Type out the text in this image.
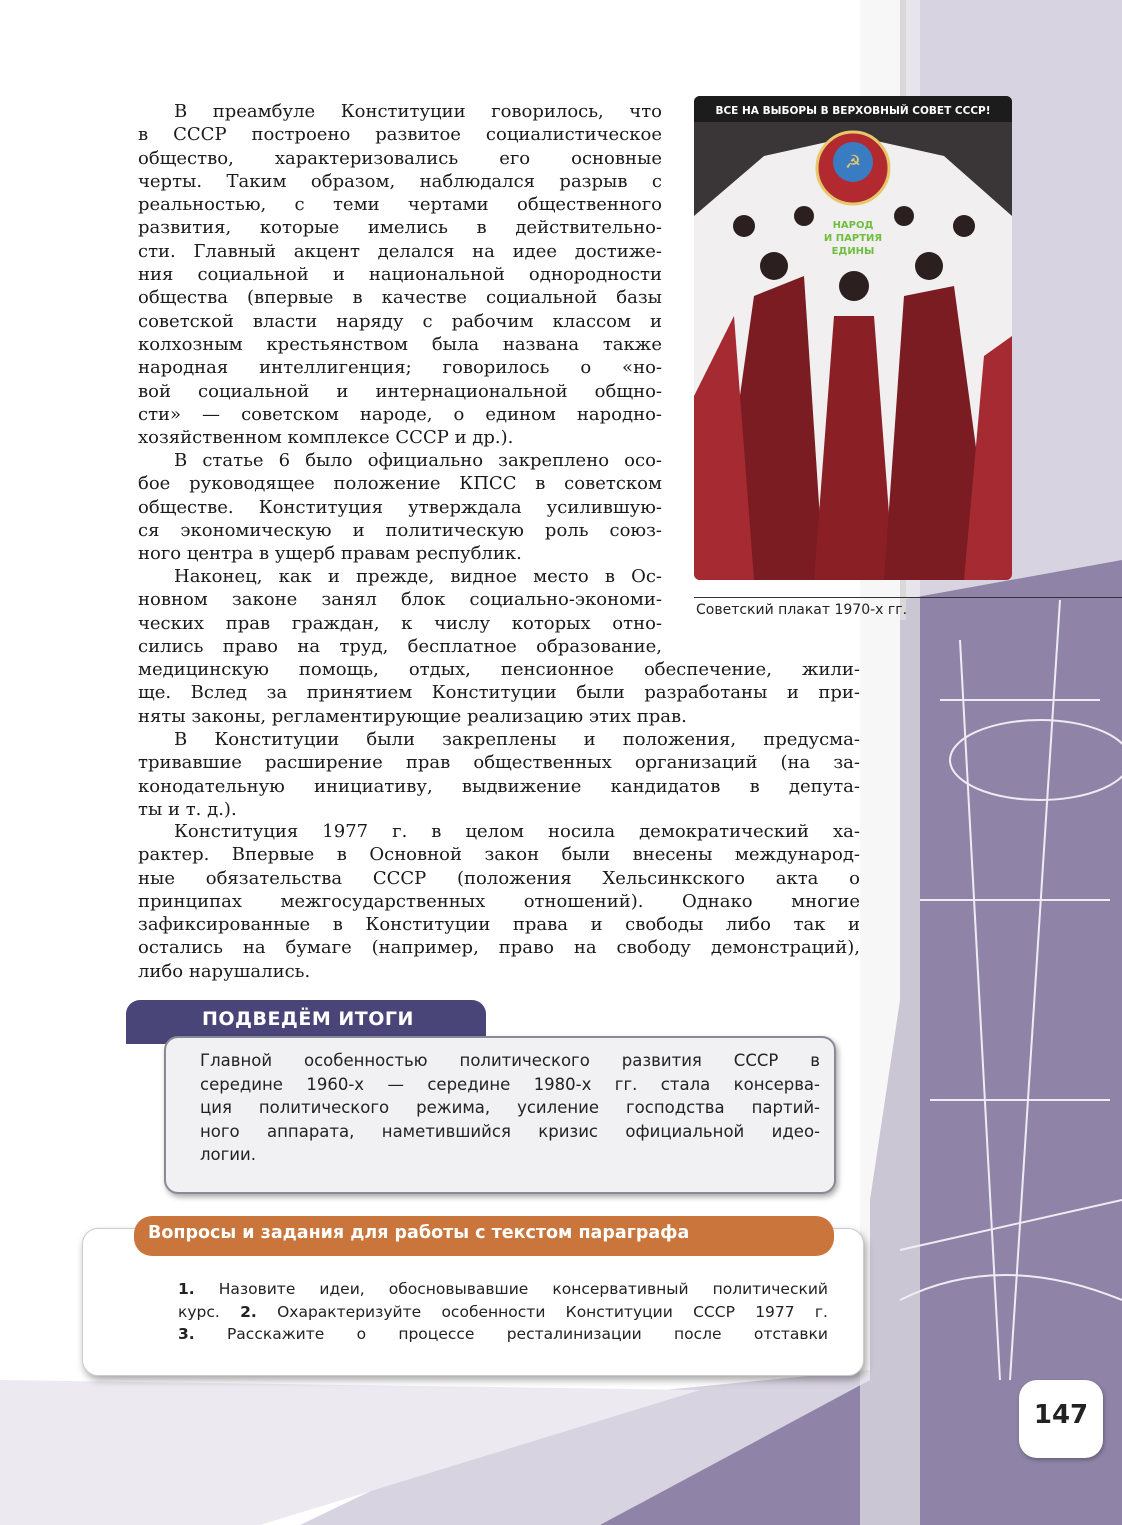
В преамбуле Конституции говорилось, что
в СССР построено развитое социалистическое
общество, характеризовались его основные
черты. Таким образом, наблюдался разрыв с
реальностью, с теми чертами общественного
развития, которые имелись в действительно-
сти. Главный акцент делался на идее достиже-
ния социальной и национальной однородности
общества (впервые в качестве социальной базы
советской власти наряду с рабочим классом и
колхозным крестьянством была названа также
народная интеллигенция; говорилось о «но-
вой социальной и интернациональной общно-
сти» — советском народе, о едином народно-
хозяйственном комплексе СССР и др.).
В статье 6 было официально закреплено осо-
бое руководящее положение КПСС в советском
обществе. Конституция утверждала усилившую-
ся экономическую и политическую роль союз-
ного центра в ущерб правам республик.
Наконец, как и прежде, видное место в Ос-
новном законе занял блок социально-экономи-
ческих прав граждан, к числу которых отно-
сились право на труд, бесплатное образование,
медицинскую помощь, отдых, пенсионное обеспечение, жили-
ще. Вслед за принятием Конституции были разработаны и при-
няты законы, регламентирующие реализацию этих прав.
В Конституции были закреплены и положения, предусма-
тривавшие расширение прав общественных организаций (на за-
конодательную инициативу, выдвижение кандидатов в депута-
ты и т. д.).
Конституция 1977 г. в целом носила демократический ха-
рактер. Впервые в Основной закон были внесены международ-
ные обязательства СССР (положения Хельсинкского акта о
принципах межгосударственных отношений). Однако многие
зафиксированные в Конституции права и свободы либо так и
остались на бумаге (например, право на свободу демонстраций),
либо нарушались.
ВСЕ НА ВЫБОРЫ В ВЕРХОВНЫЙ СОВЕТ СССР!
☭
НАРОД
И ПАРТИЯ
ЕДИНЫ
Советский плакат 1970-х гг.
ПОДВЕДЁМ ИТОГИ
Главной особенностью политического развития СССР в
середине 1960-х — середине 1980-х гг. стала консерва-
ция политического режима, усиление господства партий-
ного аппарата, наметившийся кризис официальной идео-
логии.
Вопросы и задания для работы с текстом параграфа
1. Назовите идеи, обосновывавшие консервативный политический
курс. 2. Охарактеризуйте особенности Конституции СССР 1977 г.
3. Расскажите о процессе реcталинизации после отставки
147
